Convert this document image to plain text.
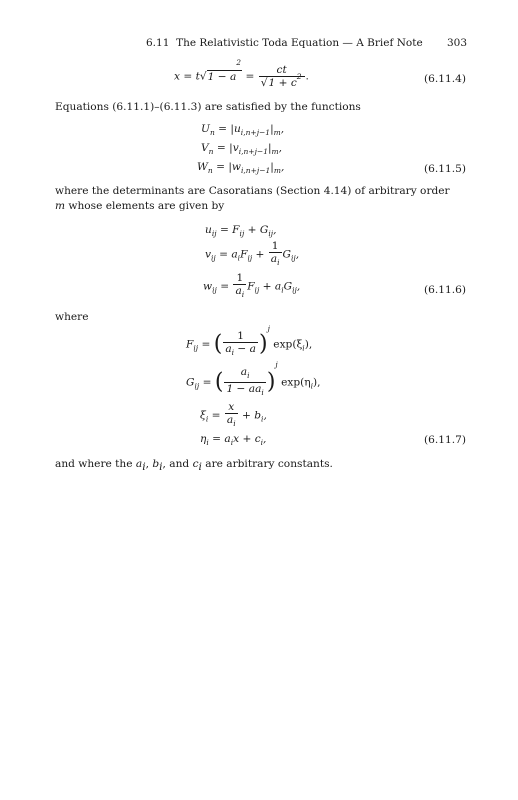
6.11 The Relativistic Toda Equation — A Brief Note 303
$x = t√1 - a^2 = \frac{ct}{√1 + c^2}$ .	(6.11.4)
Equations (6.11.1)–(6.11.3) are satisfied by the functions
$U_n = |u_{i,n+j-1}|_m$,
$V_n = |v_{i,n+j-1}|_m$,
$W_n = |w_{i,n+j-1}|_m$,	(6.11.5)
where the determinants are Casoratians (Section 4.14) of arbitrary order
m whose elements are given by
$u_{ij} = F_{ij} + G_{ij}$,
$v_{ij} = a_iF_{ij} + \frac{1}{a_i} G_{ij}$,
$w_{ij} = \frac{1}{a_i} F_{ij} + a_iG_{ij}$,	(6.11.6)
where
$F_{ij}$ = ( $\frac{1}{a_i - a} )^j$ $\exp(\xi_i)$,
$G_{ij}$ = ( $\frac{a_i}{1 - aa_i} )^j$ $\exp(\eta_i)$,
$\xi_i = \frac{x}{a_i} + b_i$,
$\eta_i = a_ix + c_i$,	(6.11.7)
and where the $a_i$, $b_i$, and $c_i$ are arbitrary constants.
